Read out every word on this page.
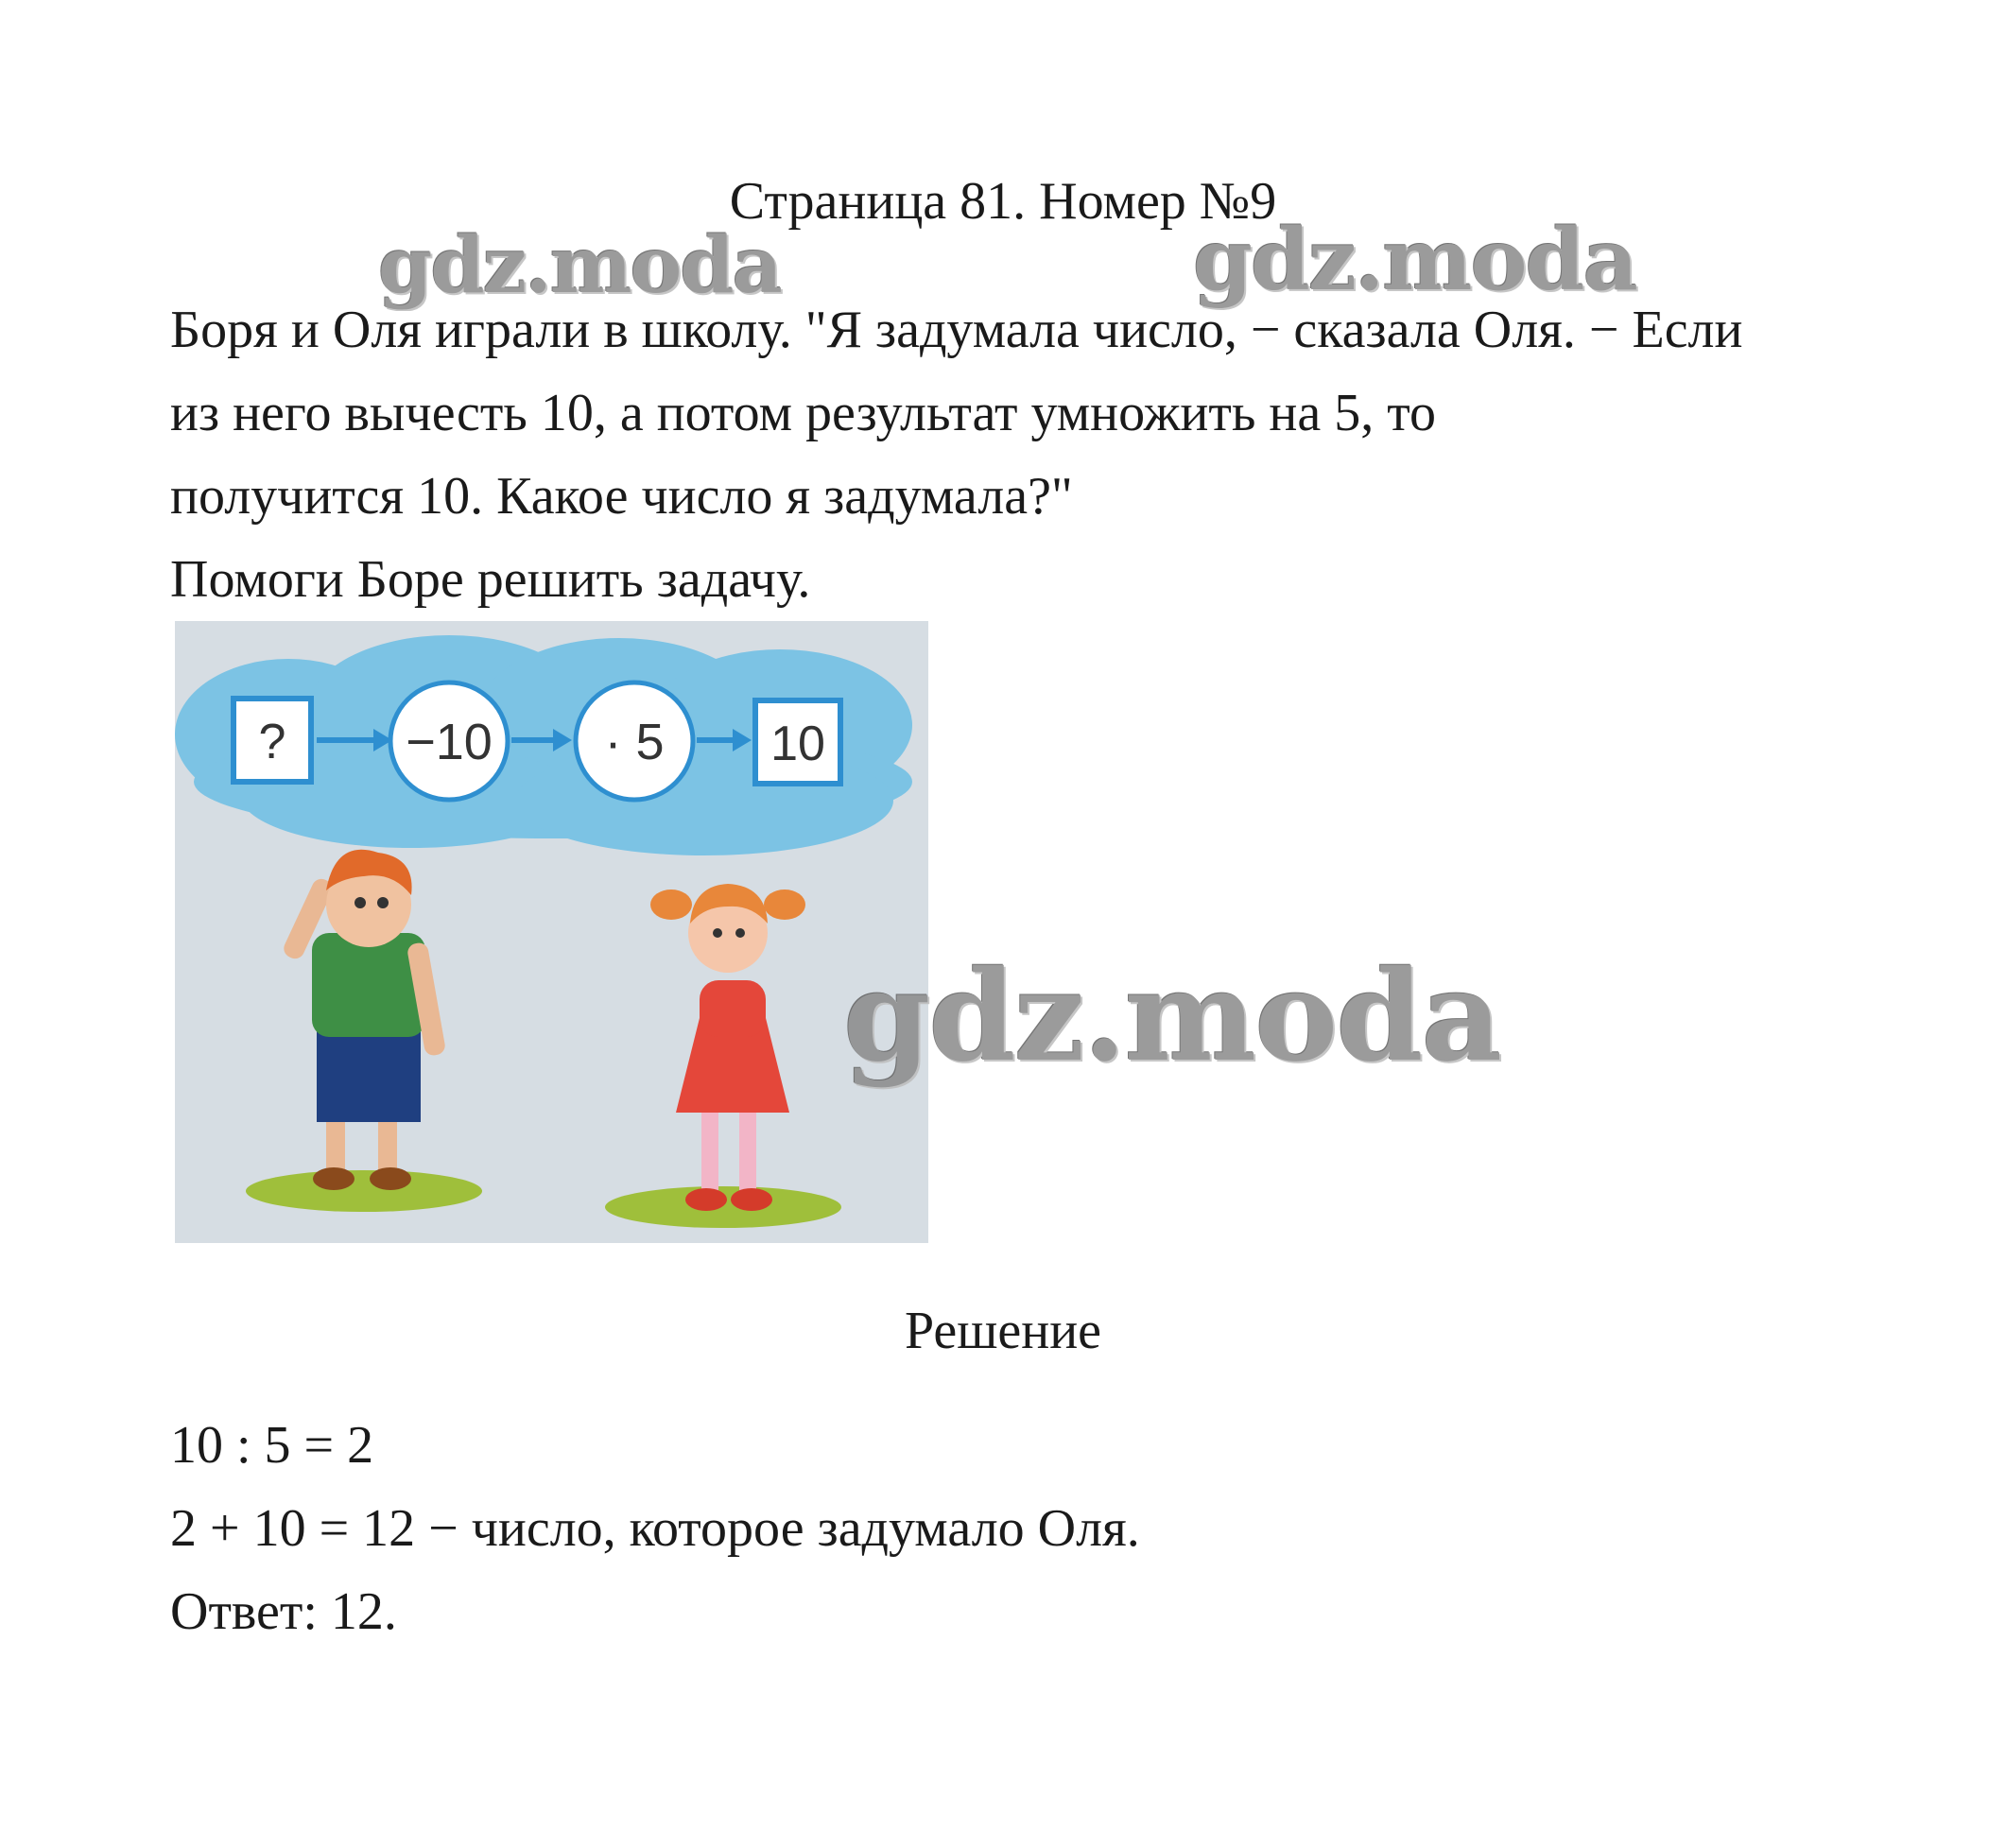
Страница 81. Номер №9

Боря и Оля играли в школу. "Я задумала число, − сказала Оля. − Если

из него вычесть 10, а потом результат умножить на 5, то

получится 10. Какое число я задумала?"

Помоги Боре решить задачу.

? −10 · 5 10
Решение

10 : 5 = 2

2 + 10 = 12 − число, которое задумало Оля.

Ответ: 12.

gdz.moda	gdz.moda
gdz.moda
